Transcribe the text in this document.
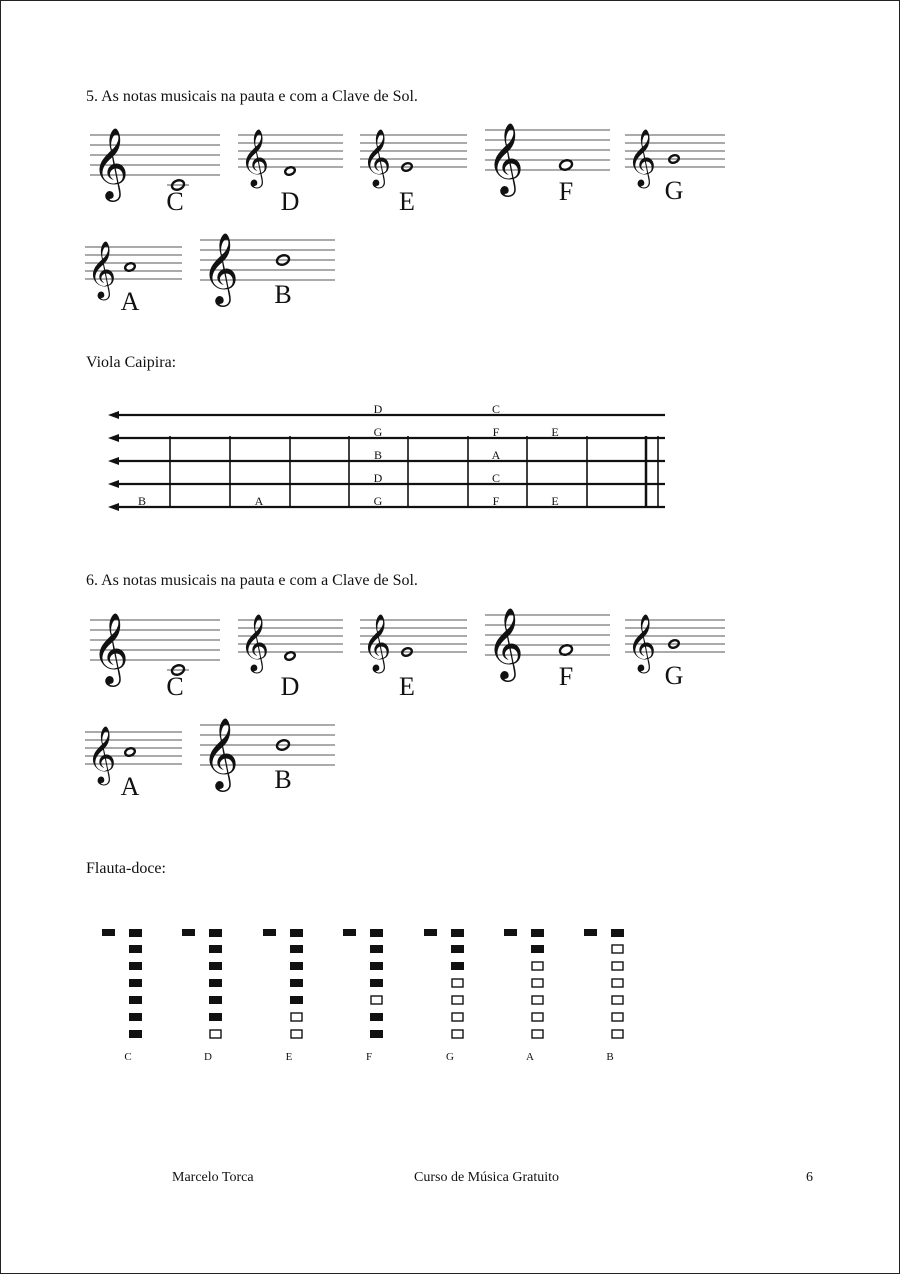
5. As notas musicais na pauta e com a Clave de Sol.
𝄞
C
𝄞
D
𝄞
E
𝄞 F
𝄞
G
𝄞
A 𝄞 B
Viola Caipira:
D	C
G	F	E
B	A
D	C
B	A	G	F	E
6. As notas musicais na pauta e com a Clave de Sol.
𝄞
C
𝄞
D
𝄞
E
𝄞 F
𝄞
G
𝄞
A 𝄞 B
Flauta-doce:
C	D	E	F	G	A	B
Marcelo Torca	Curso de Música Gratuito	6
